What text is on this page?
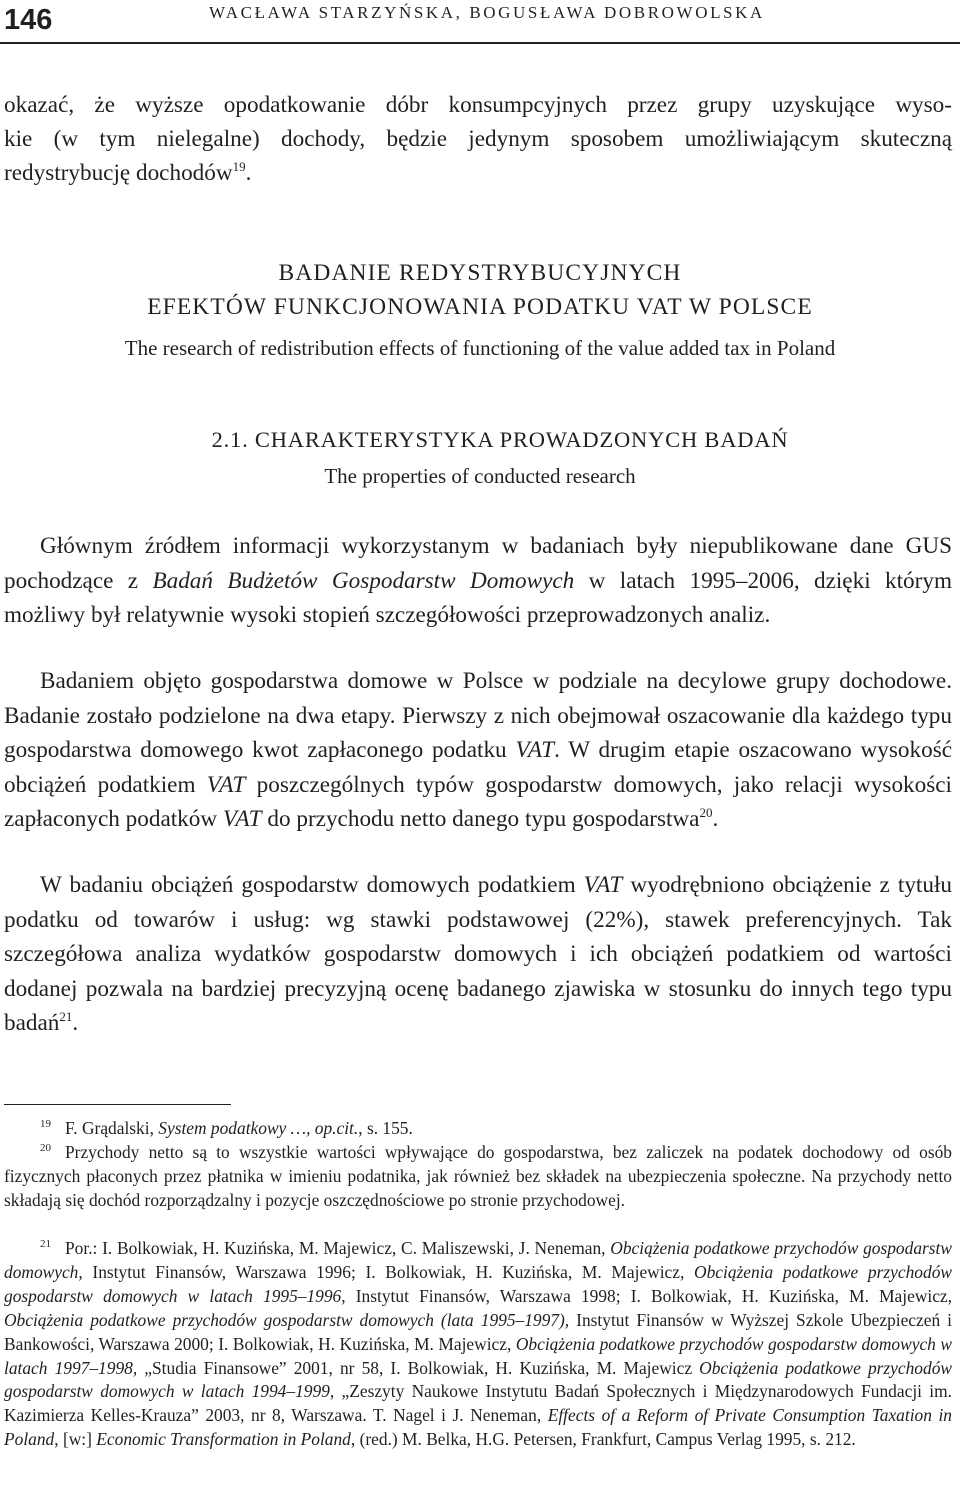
146	WACŁAWA STARZYŃSKA, BOGUSŁAWA DOBROWOLSKA

okazać, że wyższe opodatkowanie dóbr konsumpcyjnych przez grupy uzyskujące wyso-

kie (w tym nielegalne) dochody, będzie jedynym sposobem umożliwiającym skuteczną

redystrybucję dochodów$^{19}$.

BADANIE REDYSTRYBUCYJNYCH
EFEKTÓW FUNKCJONOWANIA PODATKU VAT W POLSCE
The research of redistribution effects of functioning of the value added tax in Poland
2.1. CHARAKTERYSTYKA PROWADZONYCH BADAŃ
The properties of conducted research

Głównym źródłem informacji wykorzystanym w badaniach były niepublikowane dane GUS pochodzące z Badań Budżetów Gospodarstw Domowych w latach 1995‒2006, dzięki którym możliwy był relatywnie wysoki stopień szczegółowości przeprowadzonych analiz.

Badaniem objęto gospodarstwa domowe w Polsce w podziale na decylowe grupy dochodowe. Badanie zostało podzielone na dwa etapy. Pierwszy z nich obejmował oszacowanie dla każdego typu gospodarstwa domowego kwot zapłaconego podatku VAT. W drugim etapie oszacowano wysokość obciążeń podatkiem VAT poszczególnych typów gospodarstw domowych, jako relacji wysokości zapłaconych podatków VAT do przychodu netto danego typu gospodarstwa$^{20}$.

W badaniu obciążeń gospodarstw domowych podatkiem VAT wyodrębniono obciążenie z tytułu podatku od towarów i usług: wg stawki podstawowej (22%), stawek preferencyjnych. Tak szczegółowa analiza wydatków gospodarstw domowych i ich obciążeń podatkiem od wartości dodanej pozwala na bardziej precyzyjną ocenę badanego zjawiska w stosunku do innych tego typu badań$^{21}$.

$^{19}$ F. Grądalski, System podatkowy …, op.cit., s. 155.

$^{20}$ Przychody netto są to wszystkie wartości wpływające do gospodarstwa, bez zaliczek na podatek dochodowy od osób fizycznych płaconych przez płatnika w imieniu podatnika, jak również bez składek na ubezpieczenia społeczne. Na przychody netto składają się dochód rozporządzalny i pozycje oszczędnościowe po stronie przychodowej.

$^{21}$ Por.: I. Bolkowiak, H. Kuzińska, M. Majewicz, C. Maliszewski, J. Neneman, Obciążenia podatkowe przychodów gospodarstw domowych, Instytut Finansów, Warszawa 1996; I. Bolkowiak, H. Kuzińska, M. Majewicz, Obciążenia podatkowe przychodów gospodarstw domowych w latach 1995‒1996, Instytut Finansów, Warszawa 1998; I. Bolkowiak, H. Kuzińska, M. Majewicz, Obciążenia podatkowe przychodów gospodarstw domowych (lata 1995‒1997), Instytut Finansów w Wyższej Szkole Ubezpieczeń i Bankowości, Warszawa 2000; I. Bolkowiak, H. Kuzińska, M. Majewicz, Obciążenia podatkowe przychodów gospodarstw domowych w latach 1997‒1998, „Studia Finansowe” 2001, nr 58, I. Bolkowiak, H. Kuzińska, M. Majewicz Obciążenia podatkowe przychodów gospodarstw domowych w latach 1994‒1999, „Zeszyty Naukowe Instytutu Badań Społecznych i Międzynarodowych Fundacji im. Kazimierza Kelles-Krauza” 2003, nr 8, Warszawa. T. Nagel i J. Neneman, Effects of a Reform of Private Consumption Taxation in Poland, [w:] Economic Transformation in Poland, (red.) M. Belka, H.G. Petersen, Frankfurt, Campus Verlag 1995, s. 212.
